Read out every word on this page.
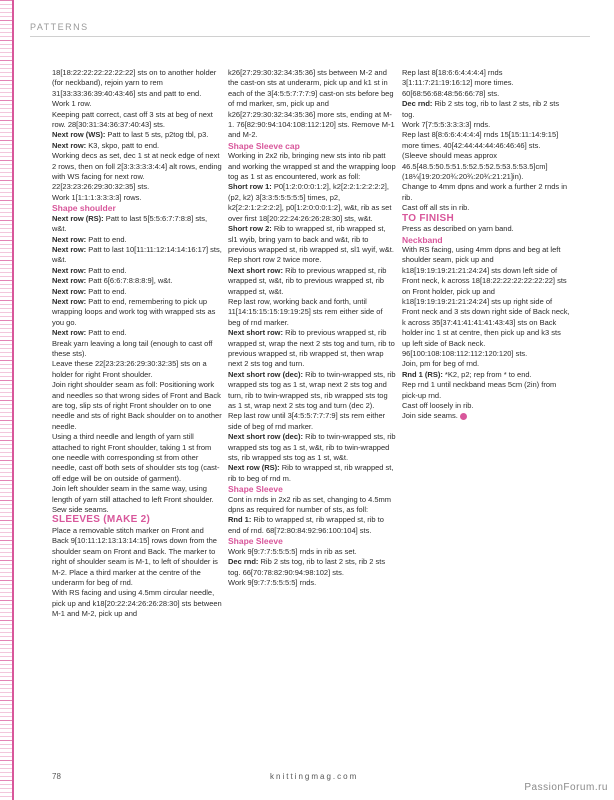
PATTERNS

18[18:22:22:22:22:22:22] sts on to another holder (for neckband), rejoin yarn to rem 31[33:33:36:39:40:43:46] sts and patt to end.

Work 1 row.

Keeping patt correct, cast off 3 sts at beg of next row. 28[30:31:34:36:37:40:43] sts.

Next row (WS): Patt to last 5 sts, p2tog tbl, p3.

Next row: K3, skpo, patt to end.

Working decs as set, dec 1 st at neck edge of next 2 rows, then on foll 2[3:3:3:3:3:4:4] alt rows, ending with WS facing for next row. 22[23:23:26:29:30:32:35] sts.

Work 1[1:1:1:3:3:3:3] rows.

Shape shoulder

Next row (RS): Patt to last 5[5:5:6:7:7:8:8] sts, w&t.

Next row: Patt to end.

Next row: Patt to last 10[11:11:12:14:14:16:17] sts, w&t.

Next row: Patt to end.

Next row: Patt 6[6:6:7:8:8:8:9], w&t.

Next row: Patt to end.

Next row: Patt to end, remembering to pick up wrapping loops and work tog with wrapped sts as you go.

Next row: Patt to end.

Break yarn leaving a long tail (enough to cast off these sts).

Leave these 22[23:23:26:29:30:32:35] sts on a holder for right Front shoulder.

Join right shoulder seam as foll: Positioning work and needles so that wrong sides of Front and Back are tog, slip sts of right Front shoulder on to one needle and sts of right Back shoulder on to another needle.

Using a third needle and length of yarn still attached to right Front shoulder, taking 1 st from one needle with corresponding st from other needle, cast off both sets of shoulder sts tog (cast-off edge will be on outside of garment).

Join left shoulder seam in the same way, using length of yarn still attached to left Front shoulder.

Sew side seams.

SLEEVES (MAKE 2)

Place a removable stitch marker on Front and Back 9[10:11:12:13:13:14:15] rows down from the shoulder seam on Front and Back. The marker to right of shoulder seam is M-1, to left of shoulder is M-2. Place a third marker at the centre of the underarm for beg of rnd.

With RS facing and using 4.5mm circular needle, pick up and k18[20:22:24:26:26:28:30] sts between M-1 and M-2, pick up and

k26[27:29:30:32:34:35:36] sts between M-2 and the cast-on sts at underarm, pick up and k1 st in each of the 3[4:5:5:7:7:7:9] cast-on sts before beg of rnd marker, sm, pick up and k26[27:29:30:32:34:35:36] more sts, ending at M-1. 76[82:90:94:104:108:112:120] sts. Remove M-1 and M-2.

Shape Sleeve cap

Working in 2x2 rib, bringing new sts into rib patt and working the wrapped st and the wrapping loop tog as 1 st as encountered, work as foll:

Short row 1: P0[1:2:0:0:0:1:2], k2[2:2:1:2:2:2:2], (p2, k2) 3[3:3:5:5:5:5:5] times, p2, k2[2:2:1:2:2:2:2], p0[1:2:0:0:0:1:2], w&t, rib as set over first 18[20:22:24:26:26:28:30] sts, w&t.

Short row 2: Rib to wrapped st, rib wrapped st, sl1 wyib, bring yarn to back and w&t, rib to previous wrapped st, rib wrapped st, sl1 wyif, w&t.

Rep short row 2 twice more.

Next short row: Rib to previous wrapped st, rib wrapped st, w&t, rib to previous wrapped st, rib wrapped st, w&t.

Rep last row, working back and forth, until 11[14:15:15:15:19:19:25] sts rem either side of beg of rnd marker.

Next short row: Rib to previous wrapped st, rib wrapped st, wrap the next 2 sts tog and turn, rib to previous wrapped st, rib wrapped st, then wrap next 2 sts tog and turn.

Next short row (dec): Rib to twin-wrapped sts, rib wrapped sts tog as 1 st, wrap next 2 sts tog and turn, rib to twin-wrapped sts, rib wrapped sts tog as 1 st, wrap next 2 sts tog and turn (dec 2).

Rep last row until 3[4:5:5:7:7:7:9] sts rem either side of beg of rnd marker.

Next short row (dec): Rib to twin-wrapped sts, rib wrapped sts tog as 1 st, w&t, rib to twin-wrapped sts, rib wrapped sts tog as 1 st, w&t.

Next row (RS): Rib to wrapped st, rib wrapped st, rib to beg of rnd m.

Shape Sleeve

Cont in rnds in 2x2 rib as set, changing to 4.5mm dpns as required for number of sts, as foll:

Rnd 1: Rib to wrapped st, rib wrapped st, rib to end of rnd. 68[72:80:84:92:96:100:104] sts.

Shape Sleeve

Work 9[9:7:7:5:5:5:5] rnds in rib as set.

Dec rnd: Rib 2 sts tog, rib to last 2 sts, rib 2 sts tog. 66[70:78:82:90:94:98:102] sts.

Work 9[9:7:7:5:5:5:5] rnds.

Rep last 8[18:6:6:4:4:4:4] rnds 3[1:11:7:21:19:16:12] more times. 60[68:56:68:48:56:66:78] sts.

Dec rnd: Rib 2 sts tog, rib to last 2 sts, rib 2 sts tog.

Work 7[7:5:5:3:3:3:3] rnds.

Rep last 8[8:6:6:4:4:4:4] rnds 15[15:11:14:9:15] more times. 40[42:44:44:44:46:46:46] sts.

(Sleeve should meas approx 46.5[48.5:50.5:51.5:52.5:52.5:53.5:53.5]cm] (18¼[19:20:20¾:20¾:20¾:21:21]in).

Change to 4mm dpns and work a further 2 rnds in rib.

Cast off all sts in rib.

TO FINISH

Press as described on yarn band.

Neckband

With RS facing, using 4mm dpns and beg at left shoulder seam, pick up and k18[19:19:19:21:21:24:24] sts down left side of Front neck, k across 18[18:22:22:22:22:22:22] sts on Front holder, pick up and k18[19:19:19:21:21:24:24] sts up right side of Front neck and 3 sts down right side of Back neck, k across 35[37:41:41:41:41:43:43] sts on Back holder inc 1 st at centre, then pick up and k3 sts up left side of Back neck. 96[100:108:108:112:112:120:120] sts.

Join, pm for beg of rnd.

Rnd 1 (RS): *K2, p2; rep from * to end.

Rep rnd 1 until neckband meas 5cm (2in) from pick-up rnd.

Cast off loosely in rib.

Join side seams.

78	knittingmag.com
PassionForum.ru
